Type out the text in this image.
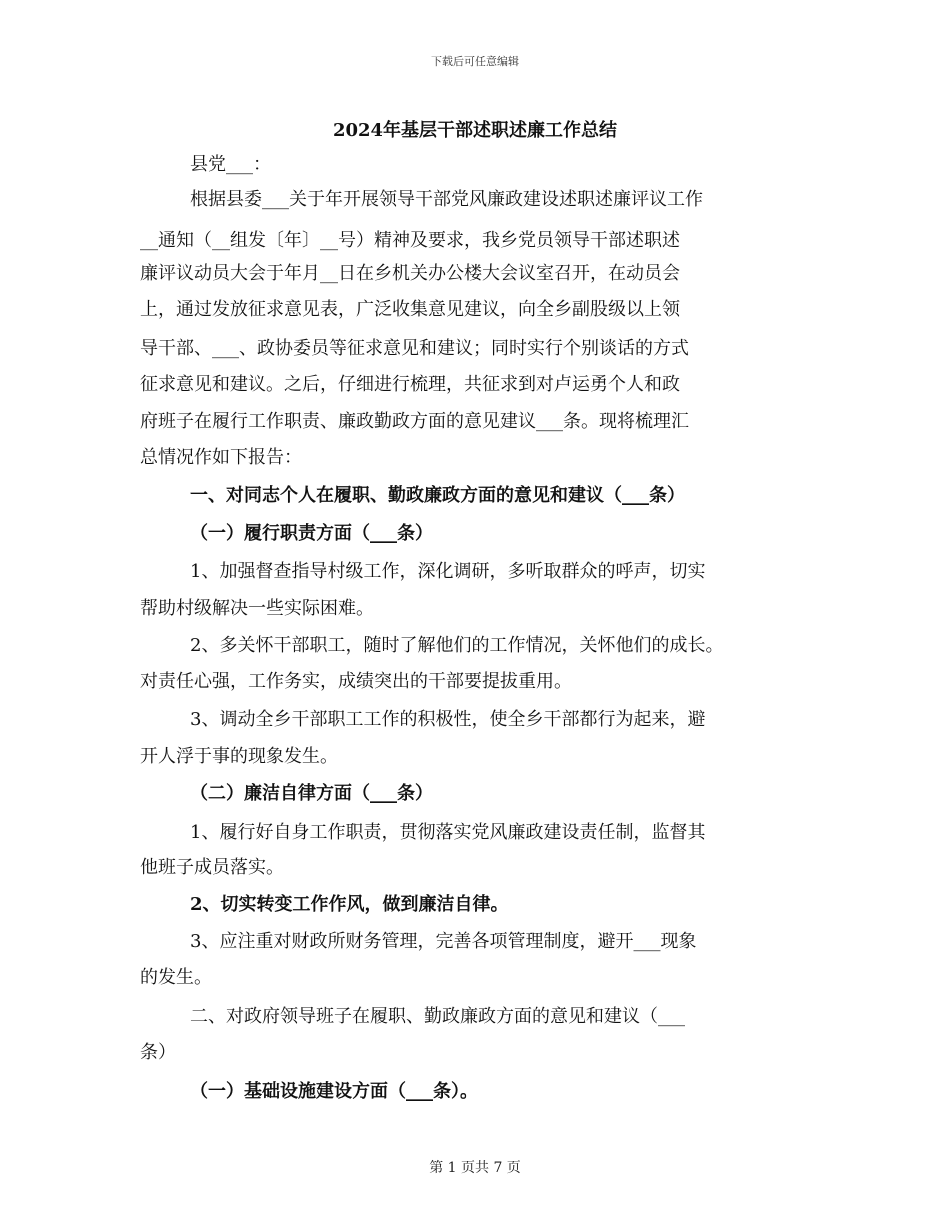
下载后可任意编辑
2024年基层干部述职述廉工作总结
县党___：
根据县委___关于年开展领导干部党风廉政建设述职述廉评议工作
__通知（__组发〔年〕__号）精神及要求，我乡党员领导干部述职述
廉评议动员大会于年月__日在乡机关办公楼大会议室召开，在动员会
上，通过发放征求意见表，广泛收集意见建议，向全乡副股级以上领
导干部、___、政协委员等征求意见和建议；同时实行个别谈话的方式
征求意见和建议。之后，仔细进行梳理，共征求到对卢运勇个人和政
府班子在履行工作职责、廉政勤政方面的意见建议___条。现将梳理汇
总情况作如下报告：
一、对同志个人在履职、勤政廉政方面的意见和建议（___条）
（一）履行职责方面（___条）
1、加强督查指导村级工作，深化调研，多听取群众的呼声，切实
帮助村级解决一些实际困难。
2、多关怀干部职工，随时了解他们的工作情况，关怀他们的成长。
对责任心强，工作务实，成绩突出的干部要提拔重用。
3、调动全乡干部职工工作的积极性，使全乡干部都行为起来，避
开人浮于事的现象发生。
（二）廉洁自律方面（___条）
1、履行好自身工作职责，贯彻落实党风廉政建设责任制，监督其
他班子成员落实。
2、切实转变工作作风，做到廉洁自律。
3、应注重对财政所财务管理，完善各项管理制度，避开___现象
的发生。
二、对政府领导班子在履职、勤政廉政方面的意见和建议（___
条）
（一）基础设施建设方面（___条）。
第 1 页共 7 页
